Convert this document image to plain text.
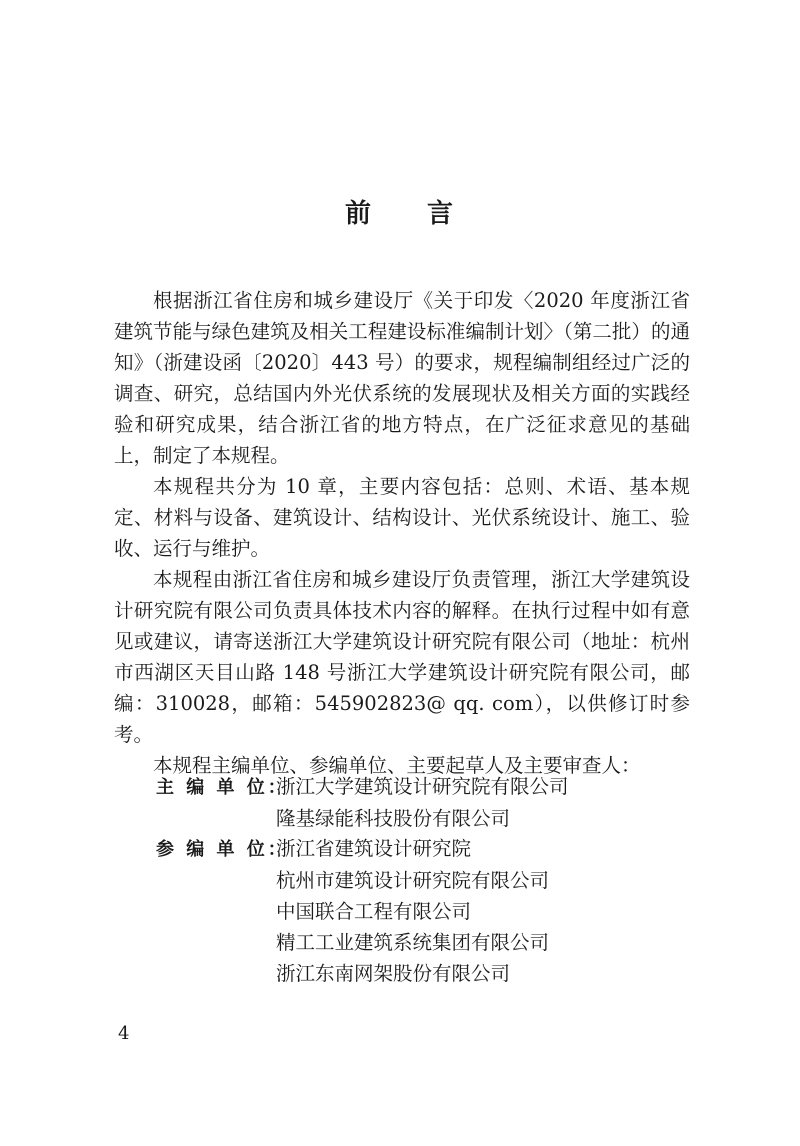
前 言

根据浙江省住房和城乡建设厅《关于印发〈2020 年度浙江省建筑节能与绿色建筑及相关工程建设标准编制计划〉（第二批）的通知》（浙建设函〔2020〕443 号）的要求，规程编制组经过广泛的调查、研究，总结国内外光伏系统的发展现状及相关方面的实践经验和研究成果，结合浙江省的地方特点，在广泛征求意见的基础上，制定了本规程。

本规程共分为 10 章，主要内容包括：总则、术语、基本规定、材料与设备、建筑设计、结构设计、光伏系统设计、施工、验收、运行与维护。

本规程由浙江省住房和城乡建设厅负责管理，浙江大学建筑设计研究院有限公司负责具体技术内容的解释。在执行过程中如有意见或建议，请寄送浙江大学建筑设计研究院有限公司（地址：杭州市西湖区天目山路 148 号浙江大学建筑设计研究院有限公司，邮编：310028，邮箱：545902823@ qq. com），以供修订时参考。

本规程主编单位、参编单位、主要起草人及主要审查人：

主 编 单 位：
浙江大学建筑设计研究院有限公司
隆基绿能科技股份有限公司
参 编 单 位：
浙江省建筑设计研究院
杭州市建筑设计研究院有限公司
中国联合工程有限公司
精工工业建筑系统集团有限公司
浙江东南网架股份有限公司
4
